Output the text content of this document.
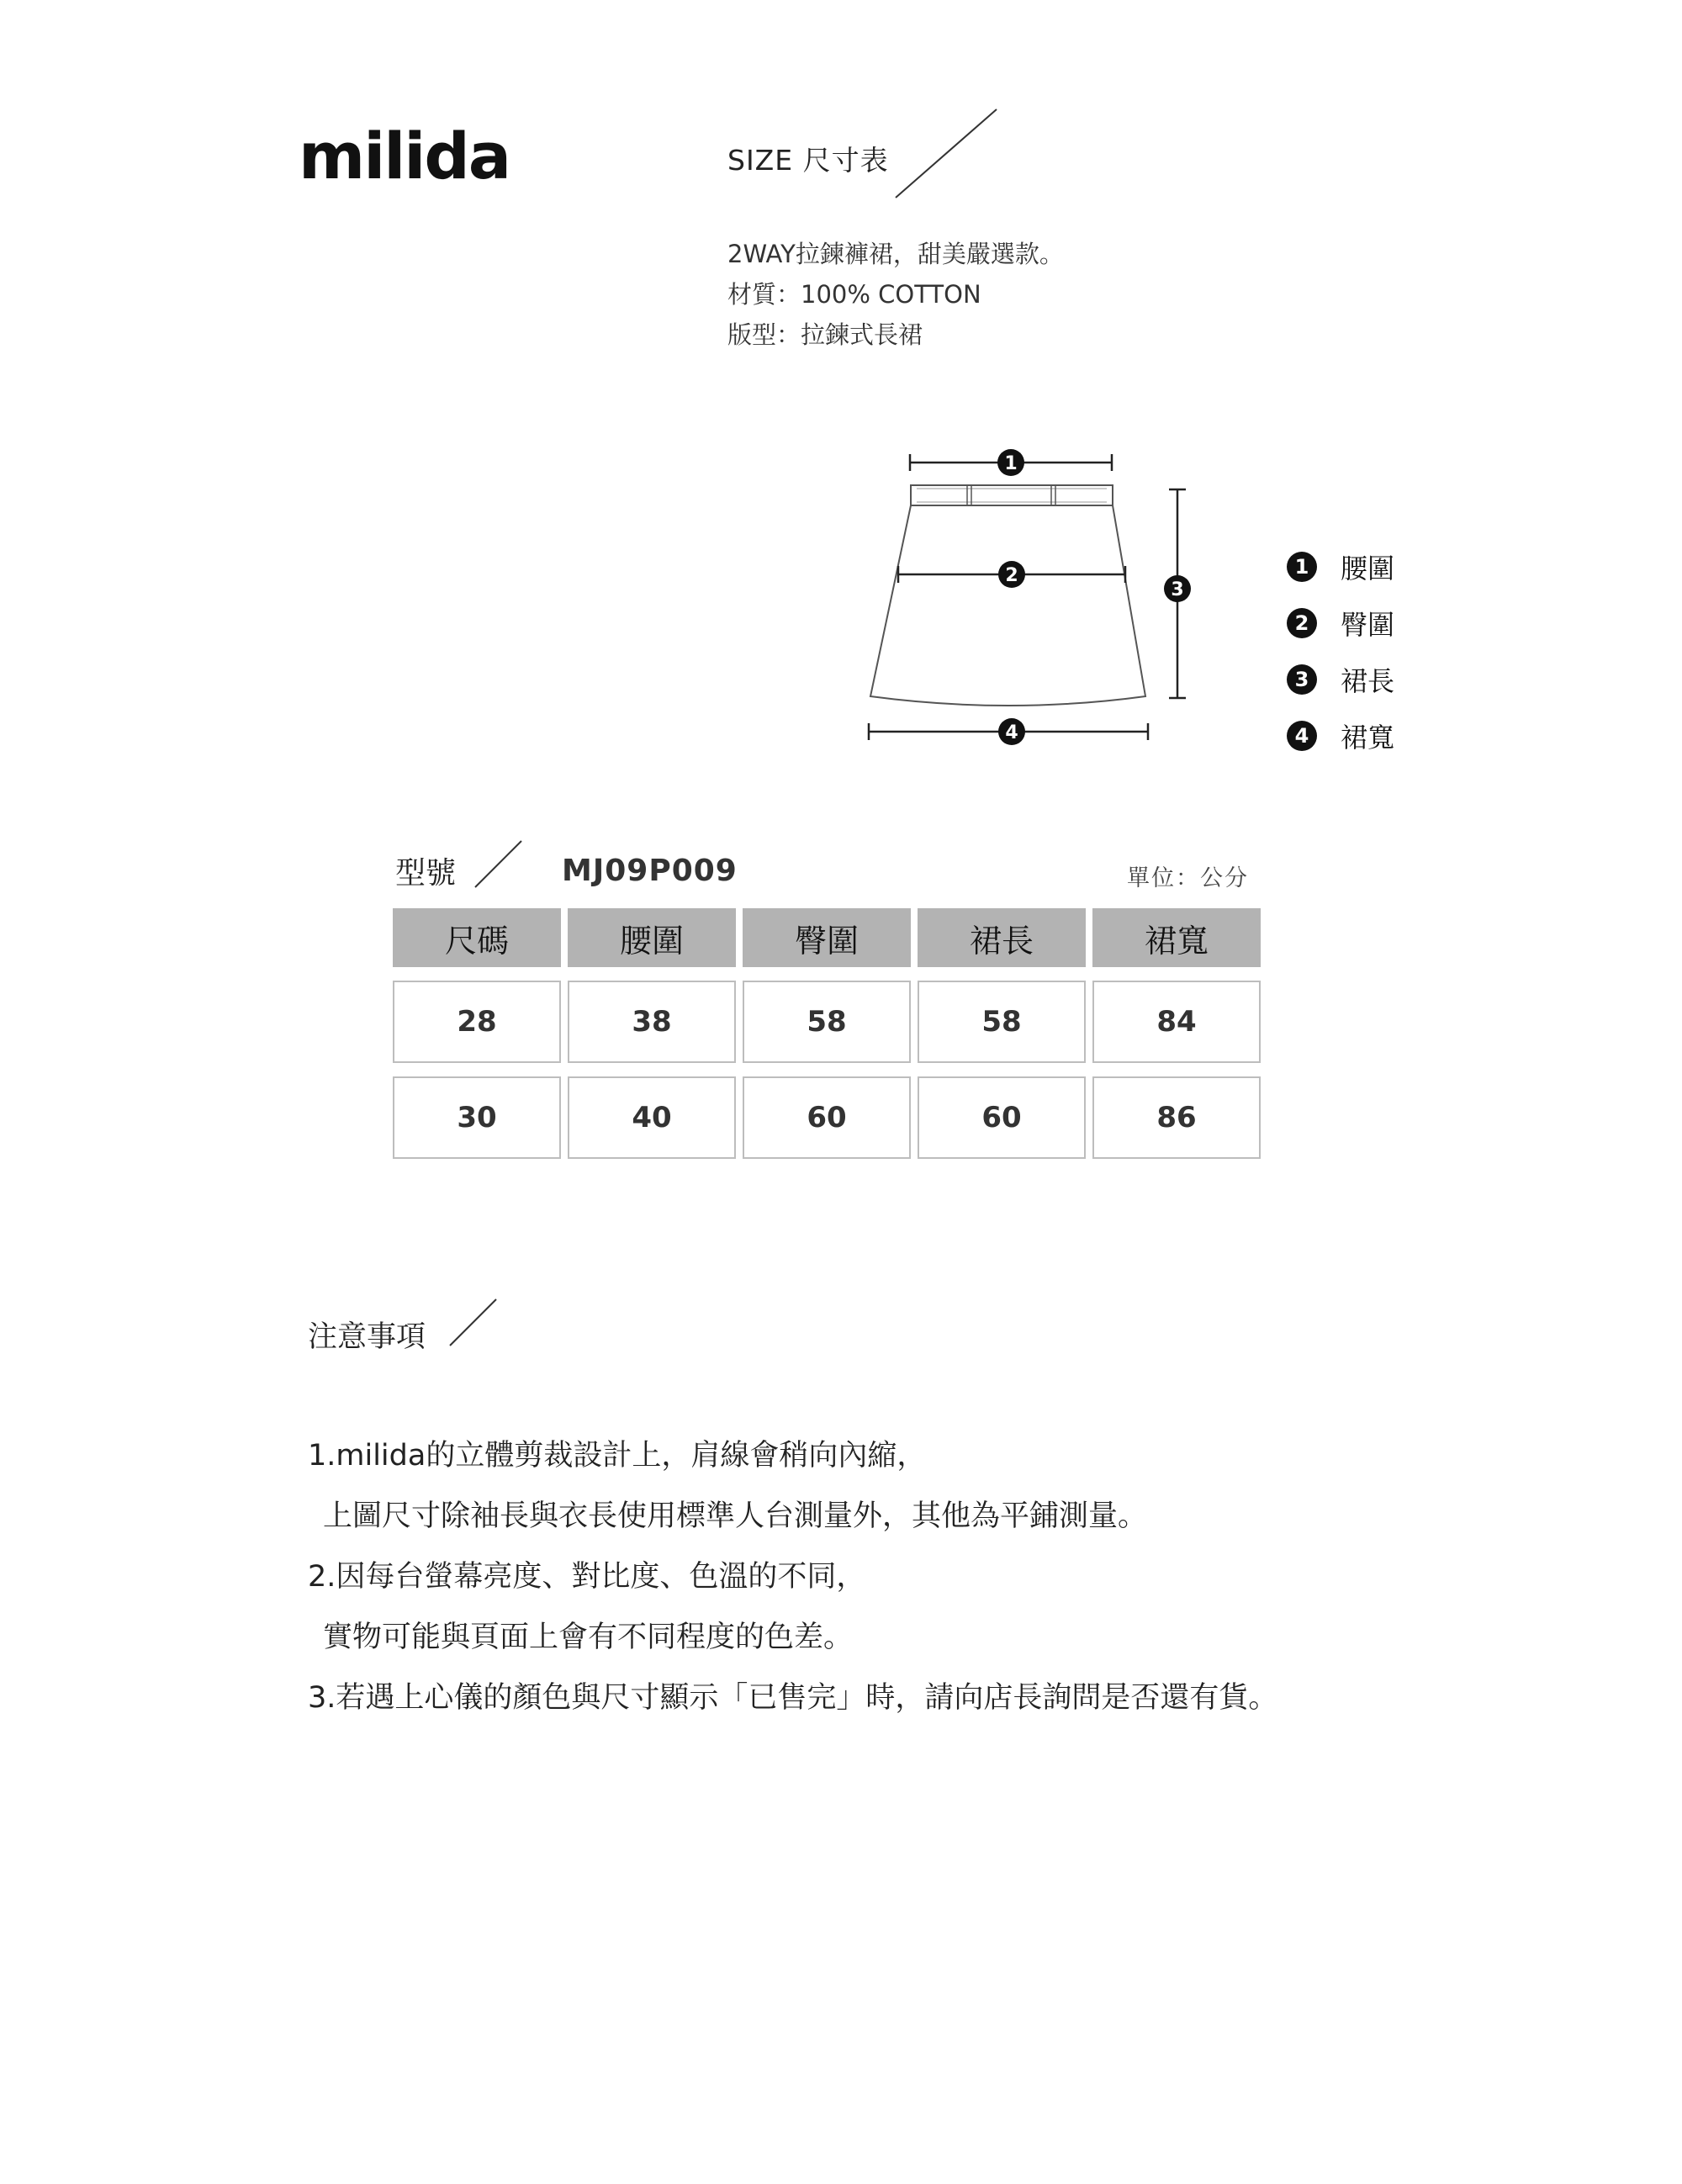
milida	SIZE 尺寸表
2WAY拉鍊褲裙，甜美嚴選款。
材質：100% COTTON
版型：拉鍊式長裙
1
2
3
4
1	腰圍
2	臀圍
3	裙長
4	裙寬
型號	MJ09P009	單位：公分
尺碼	腰圍	臀圍	裙長	裙寬
28	38	58	58	84
30	40	60	60	86
注意事項
1.milida的立體剪裁設計上，肩線會稍向內縮，
上圖尺寸除袖長與衣長使用標準人台測量外，其他為平鋪測量。
2.因每台螢幕亮度、對比度、色溫的不同，
實物可能與頁面上會有不同程度的色差。
3.若遇上心儀的顏色與尺寸顯示「已售完」時，請向店長詢問是否還有貨。
